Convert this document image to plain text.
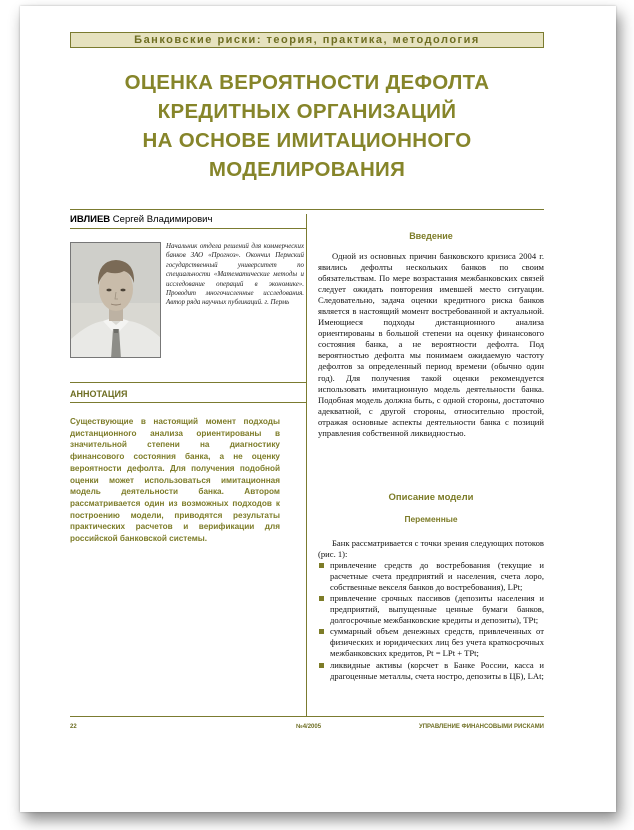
Банковские риски: теория, практика, методология
ОЦЕНКА ВЕРОЯТНОСТИ ДЕФОЛТА
КРЕДИТНЫХ ОРГАНИЗАЦИЙ
НА ОСНОВЕ ИМИТАЦИОННОГО
МОДЕЛИРОВАНИЯ
ИВЛИЕВ Сергей Владимирович
Начальник отдела решений для коммерческих банков ЗАО «Прогноз». Окончил Пермский государственный университет по специальности «Математические методы и исследование операций в экономике». Проводит многочисленные исследования. Автор ряда научных публикаций. г. Пермь
АННОТАЦИЯ
Существующие в настоящий момент подходы дистанционного анализа ориентированы в значительной степени на диагностику финансового состояния банка, а не оценку вероятности дефолта. Для получения подобной оценки может использоваться имитационная модель деятельности банка. Автором рассматривается один из возможных подходов к построению модели, приводятся результаты практических расчетов и верификации для российской банковской системы.
Введение

Одной из основных причин банковского кризиса 2004 г. явились дефолты нескольких банков по своим обязательствам. По мере возрастания межбанковских связей следует ожидать повторения имевшей место ситуации. Следовательно, задача оценки кредитного риска банков является в настоящий момент востребованной и актуальной. Имеющиеся подходы дистанционного анализа ориентированы в большой степени на оценку финансового состояния банка, а не вероятности дефолта. Под вероятностью дефолта мы понимаем ожидаемую частоту дефолтов за определенный период времени (обычно один год). Для получения такой оценки рекомендуется использовать имитационную модель деятельности банка. Подобная модель должна быть, с одной стороны, достаточно адекватной, с другой стороны, относительно простой, отражая основные аспекты деятельности банка с позиций управления собственной ликвидностью.

Описание модели
Переменные

Банк рассматривается с точки зрения следующих потоков (рис. 1):

привлечение средств до востребования (текущие и расчетные счета предприятий и населения, счета лоро, собственные векселя банков до востребования), LPt;
привлечение срочных пассивов (депозиты населения и предприятий, выпущенные ценные бумаги банков, долгосрочные межбанковские кредиты и депозиты), TPt;
суммарный объем денежных средств, привлеченных от физических и юридических лиц без учета краткосрочных межбанковских кредитов, Pt = LPt + TPt;
ликвидные активы (корсчет в Банке России, касса и драгоценные металлы, счета ностро, депозиты в ЦБ), LAt;
22	№4/2005	УПРАВЛЕНИЕ ФИНАНСОВЫМИ РИСКАМИ
